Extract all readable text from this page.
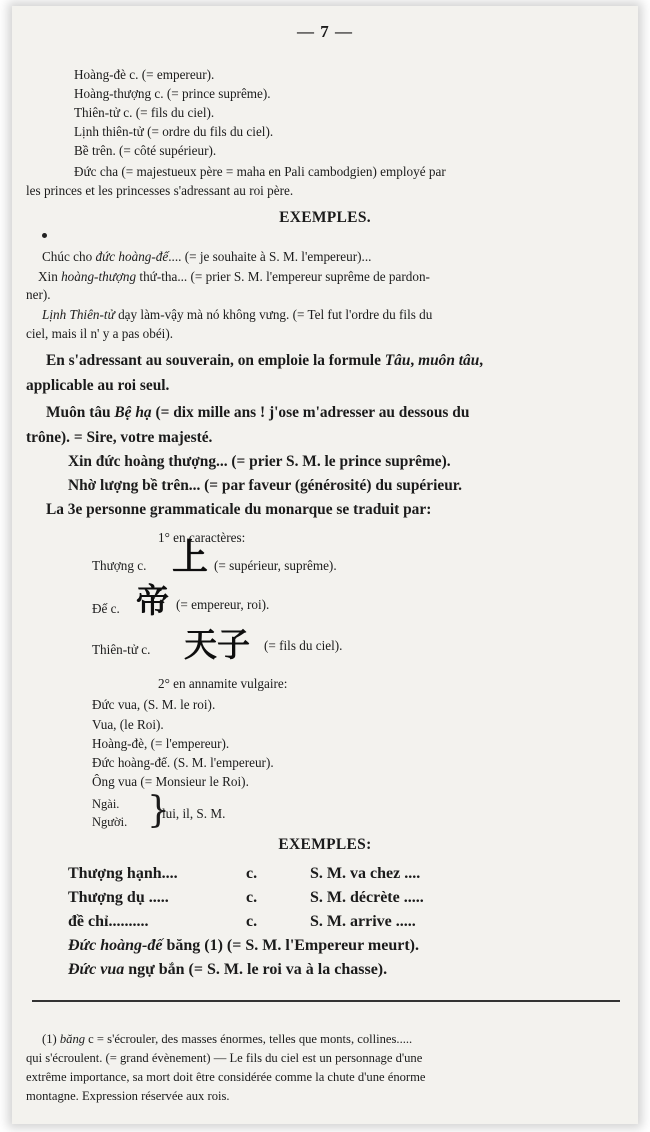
— 7 —
Hoàng-đè c. (= empereur).
Hoàng-thượng c. (= prince suprême).
Thiên-tử c. (= fils du ciel).
Lịnh thiên-tử (= ordre du fils du ciel).
Bề trên. (= côté supérieur).
Đức cha (= majestueux père = maha en Pali cambodgien) employé par
les princes et les princesses s'adressant au roi père.
EXEMPLES.
Chúc cho đức hoàng-đế.... (= je souhaite à S. M. l'empereur)...
Xin hoàng-thượng thứ-tha... (= prier S. M. l'empereur suprême de pardon-
ner).
Lịnh Thiên-tử dạy làm-vậy mà nó không vưng. (= Tel fut l'ordre du fils du
ciel, mais il n' y a pas obéi).
En s'adressant au souverain, on emploie la formule Tâu, muôn tâu,
applicable au roi seul.
Muôn tâu Bệ hạ (= dix mille ans ! j'ose m'adresser au dessous du
trône). = Sire, votre majesté.
Xin đức hoàng thượng... (= prier S. M. le prince suprême).
Nhờ lượng bề trên... (= par faveur (générosité) du supérieur.
La 3e personne grammaticale du monarque se traduit par:
1° en caractères:
Thượng c. 上 (= supérieur, suprême).
Đế c. 帝 (= empereur, roi).
Thiên-tử c. 天子 (= fils du ciel).
2° en annamite vulgaire:
Đức vua, (S. M. le roi).
Vua, (le Roi).
Hoàng-đè, (= l'empereur).
Đức hoàng-đế. (S. M. l'empereur).
Ông vua (= Monsieur le Roi).
Ngài.
Người. }
lui, il, S. M.
EXEMPLES:
Thượng hạnh....	c.	S. M. va chez ....
Thượng dụ .....	c.	S. M. décrète .....
đề chỉ..........	c.	S. M. arrive .....
Đức hoàng-đế băng (1) (= S. M. l'Empereur meurt).
Đức vua ngự bắn (= S. M. le roi va à la chasse).
(1) băng c = s'écrouler, des masses énormes, telles que monts, collines.....
qui s'écroulent. (= grand évènement) — Le fils du ciel est un personnage d'une
extrême importance, sa mort doit être considérée comme la chute d'une énorme
montagne. Expression réservée aux rois.
